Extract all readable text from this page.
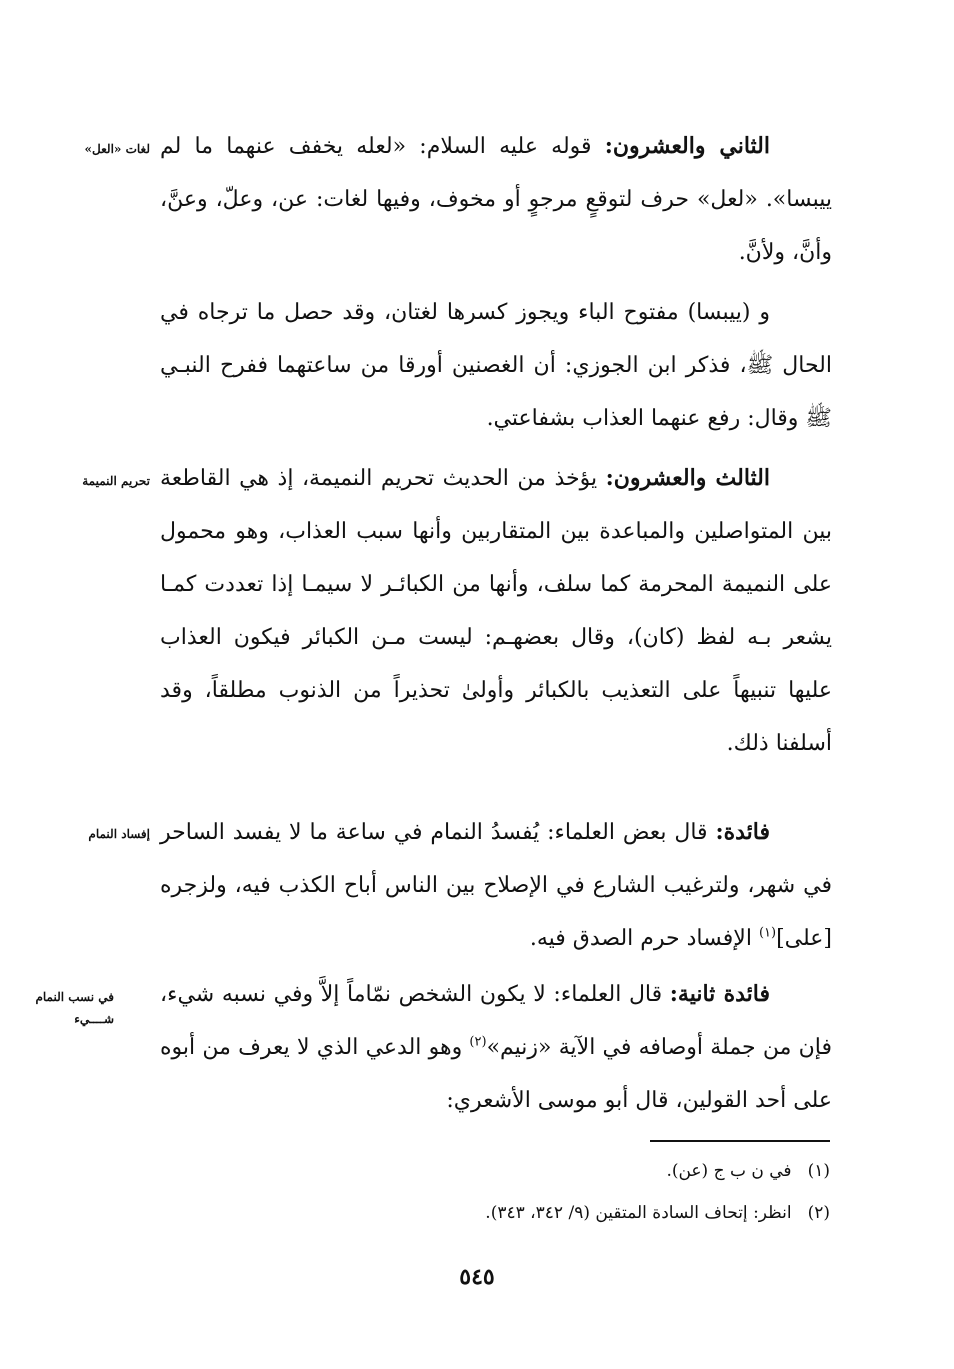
لغات «العل»
تحريم النميمة
إفساد النمام
في نسب النمام شــــيء

الثاني والعشرون: قوله عليه السلام: «لعله يخفف عنهما ما لم ييبسا». «لعل» حرف لتوقعٍ مرجوٍ أو مخوف، وفيها لغات: عن، وعلّ، وعنَّ، وأنَّ، ولأنَّ.

و (ييبسا) مفتوح الباء ويجوز كسرها لغتان، وقد حصل ما ترجاه في الحال ﷺ، فذكر ابن الجوزي: أن الغصنين أورقا من ساعتهما ففرح النبـي ﷺ وقال: رفع عنهما العذاب بشفاعتي.

الثالث والعشرون: يؤخذ من الحديث تحريم النميمة، إذ هي القاطعة بين المتواصلين والمباعدة بين المتقاربين وأنها سبب العذاب، وهو محمول على النميمة المحرمة كما سلف، وأنها من الكبائـر لا سيمـا إذا تعددت كمـا يشعر بـه لفظ (كان)، وقال بعضهـم: ليست مـن الكبائر فيكون العذاب عليها تنبيهاً على التعذيب بالكبائر وأولىٰ تحذيراً من الذنوب مطلقاً، وقد أسلفنا ذلك.

فائدة: قال بعض العلماء: يُفسدُ النمام في ساعة ما لا يفسد الساحر في شهر، ولترغيب الشارع في الإصلاح بين الناس أباح الكذب فيه، ولزجره [على]$^{(١)}$ الإفساد حرم الصدق فيه.

فائدة ثانية: قال العلماء: لا يكون الشخص نمّاماً إلاَّ وفي نسبه شيء، فإن من جملة أوصافه في الآية «زنيم»$^{(٢)}$ وهو الدعي الذي لا يعرف من أبوه على أحد القولين، قال أبو موسى الأشعري:

(١)في ن ب ج (عن).
(٢)انظر: إتحاف السادة المتقين (٩/ ٣٤٢، ٣٤٣).
٥٤٥
